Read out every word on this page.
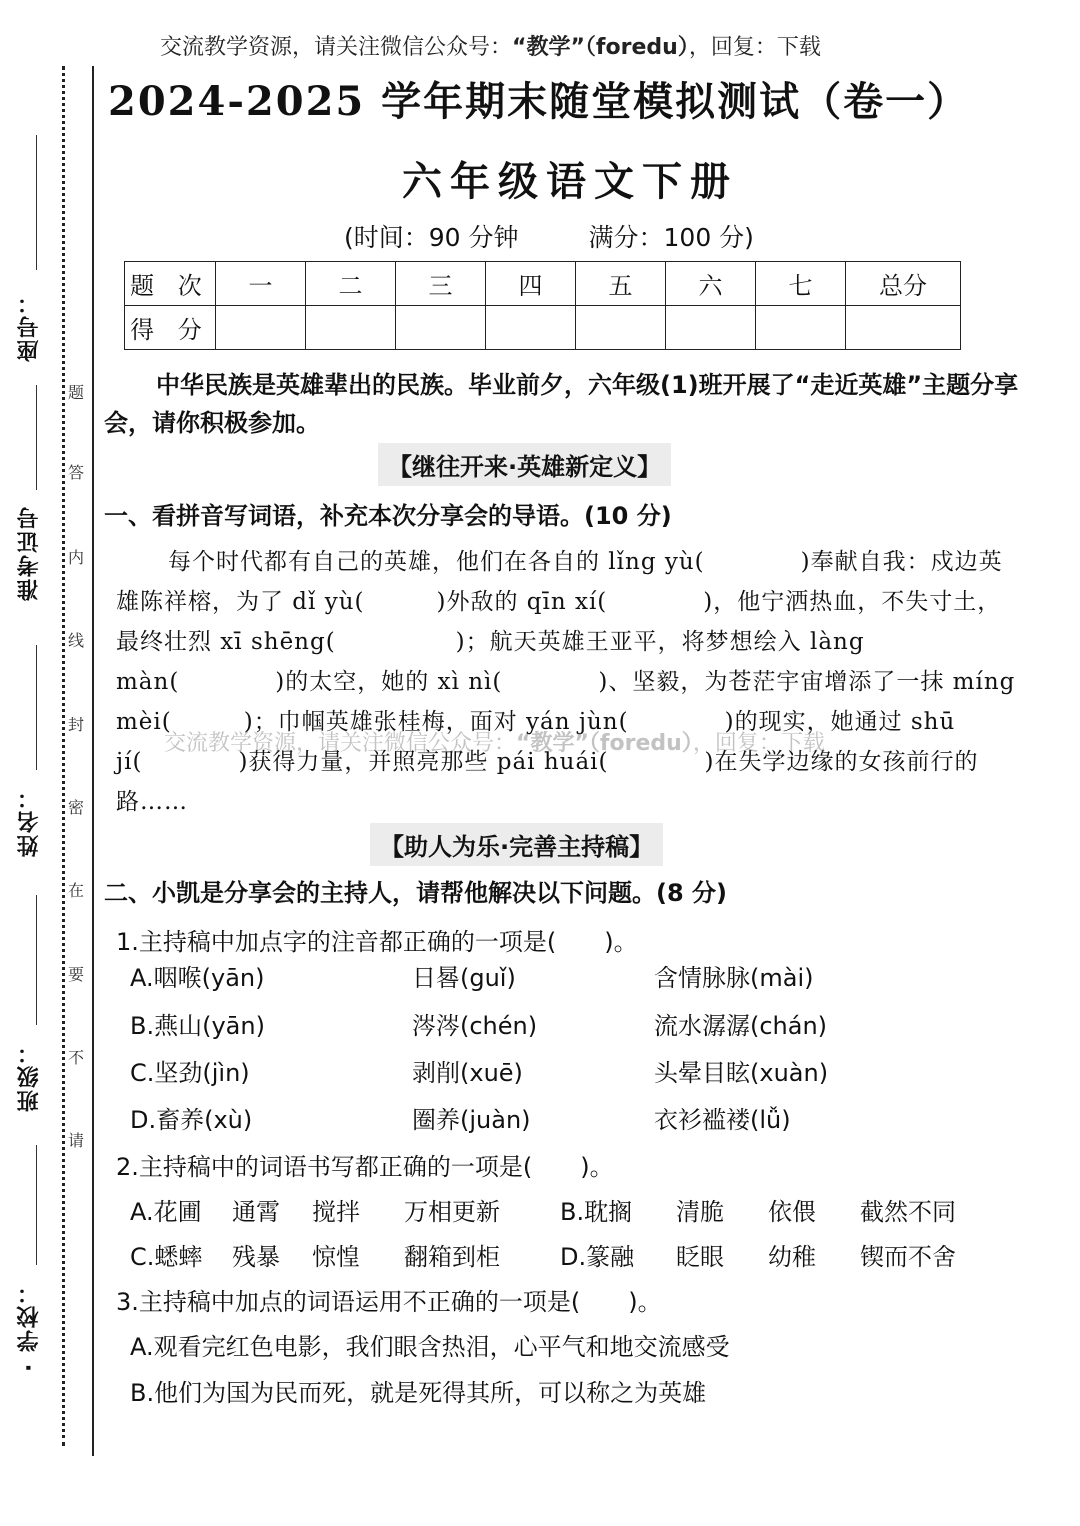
座号：
准考证号
姓名：
班级：
· 学校：
题
答
内
线
封
密
在
要
不
请
交流教学资源，请关注微信公众号：“教学”（foredu），回复：下载
2024-2025 学年期末随堂模拟测试（卷一）
六年级语文下册
(时间：90 分钟	满分：100 分)
题 次	一	二	三	四	五	六	七	总分
得 分								
中华民族是英雄辈出的民族。毕业前夕，六年级(1)班开展了“走近英雄”主题分享会，请你积极参加。
【继往开来·英雄新定义】
一、看拼音写词语，补充本次分享会的导语。(10 分)
每个时代都有自己的英雄，他们在各自的 lǐng yù(　　　　)奉献自我：戍边英雄陈祥榕，为了 dǐ yù(　　　)外敌的 qīn xí(　　　　)，他宁洒热血，不失寸土，最终壮烈 xī shēng(　　　　　)；航天英雄王亚平，将梦想绘入 làng màn(　　　　)的太空，她的 xì nì(　　　　)、坚毅，为苍茫宇宙增添了一抹 míng mèi(　　　)；巾帼英雄张桂梅，面对 yán jùn(　　　　)的现实，她通过 shū jí(　　　　)获得力量，并照亮那些 pái huái(　　　　)在失学边缘的女孩前行的路……
【助人为乐·完善主持稿】
二、小凯是分享会的主持人，请帮他解决以下问题。(8 分)
1.主持稿中加点字的注音都正确的一项是(　　)。
A.咽喉(yān)	日晷(guǐ)	含情脉脉(mài)
B.燕山(yān)	涔涔(chén)	流水潺潺(chán)
C.坚劲(jìn)	剥削(xuē)	头晕目眩(xuàn)
D.畜养(xù)	圈养(juàn)	衣衫褴褛(lǚ)
2.主持稿中的词语书写都正确的一项是(　　)。
A.花圃 通霄 搅拌 万相更新	B.耽搁 清脆 依偎 截然不同
C.蟋蟀 残暴 惊惶 翻箱到柜	D.篆融 眨眼 幼稚 锲而不舍
3.主持稿中加点的词语运用不正确的一项是(　　)。
A.观看完红色电影，我们眼含热泪，心平气和地交流感受
B.他们为国为民而死，就是死得其所，可以称之为英雄
交流教学资源，请关注微信公众号：“教学”（foredu），回复：下载
